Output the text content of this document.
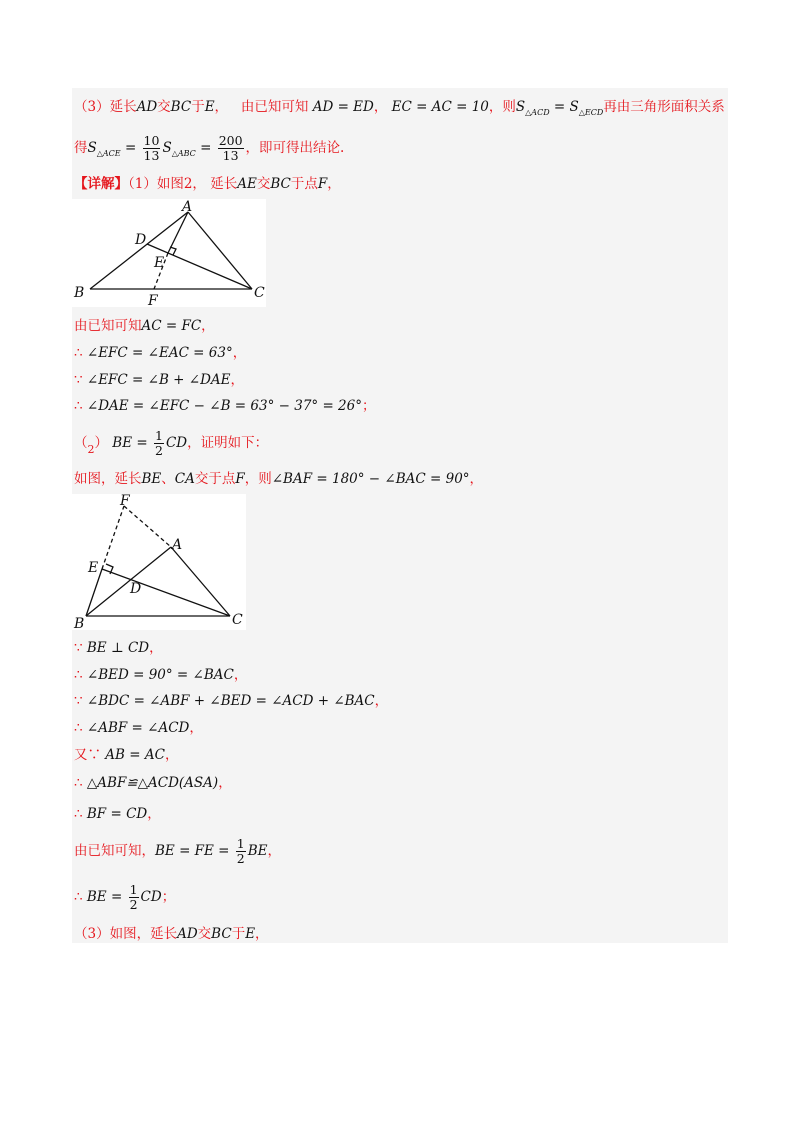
（3）延长AD交BC于E， 由已知可知 AD = ED， EC = AC = 10，则$S_{\triangle ACD} = S_{\triangle ECD}$再由三角形面积关系
得$S_{\triangle ACE} = \frac{10}{13} S_{\triangle ABC} = \frac{200}{13}$ ，即可得出结论.
【详解】（1）如图2， 延长AE交BC于点F，
A
B	C
D
E
F
由已知可知AC = FC，
∴ ∠EFC = ∠EAC = 63°，
∵ ∠EFC = ∠B + ∠DAE，
∴ ∠DAE = ∠EFC − ∠B = 63° − 37° = 26°；
$(_2)$ BE = $\frac{1}{2}$ CD，证明如下：
如图，延长BE、CA交于点F，则∠BAF = 180° − ∠BAC = 90°，
F
A
E
D
B	C
∵ BE ⊥ CD，
∴ ∠BED = 90° = ∠BAC，
∵ ∠BDC = ∠ABF + ∠BED = ∠ACD + ∠BAC，
∴ ∠ABF = ∠ACD，
又∵ AB = AC，
∴ △ABF≌△ACD(ASA)，
∴ BF = CD，
由已知可知，BE = FE = $\frac{1}{2}$ BE，
∴ BE = $\frac{1}{2}$ CD；
（3）如图，延长AD交BC于E，
